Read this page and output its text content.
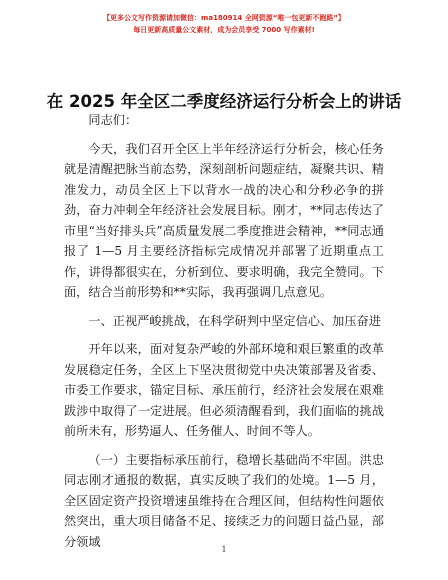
【更多公文写作资源请加微信：ma180914 全网资源“唯一包更新不跑路”】
每日更新高质量公文素材，成为会员享受 7000 写作素材!
在 2025 年全区二季度经济运行分析会上的讲话

同志们：

今天，我们召开全区上半年经济运行分析会，核心任务就是清醒把脉当前态势，深刻剖析问题症结，凝聚共识、精准发力，动员全区上下以背水一战的决心和分秒必争的拼劲，奋力冲刺全年经济社会发展目标。刚才，**同志传达了市里“当好排头兵”高质量发展二季度推进会精神，**同志通报了 1—5 月主要经济指标完成情况并部署了近期重点工作，讲得都很实在，分析到位、要求明确，我完全赞同。下面，结合当前形势和**实际，我再强调几点意见。

一、正视严峻挑战，在科学研判中坚定信心、加压奋进

开年以来，面对复杂严峻的外部环境和艰巨繁重的改革发展稳定任务，全区上下坚决贯彻党中央决策部署及省委、市委工作要求，锚定目标、承压前行，经济社会发展在艰难跋涉中取得了一定进展。但必须清醒看到，我们面临的挑战前所未有，形势逼人、任务催人、时间不等人。

（一）主要指标承压前行，稳增长基础尚不牢固。洪忠同志刚才通报的数据，真实反映了我们的处境。1—5 月，全区固定资产投资增速虽维持在合理区间，但结构性问题依然突出，重大项目储备不足、接续乏力的问题日益凸显，部分领域

1
